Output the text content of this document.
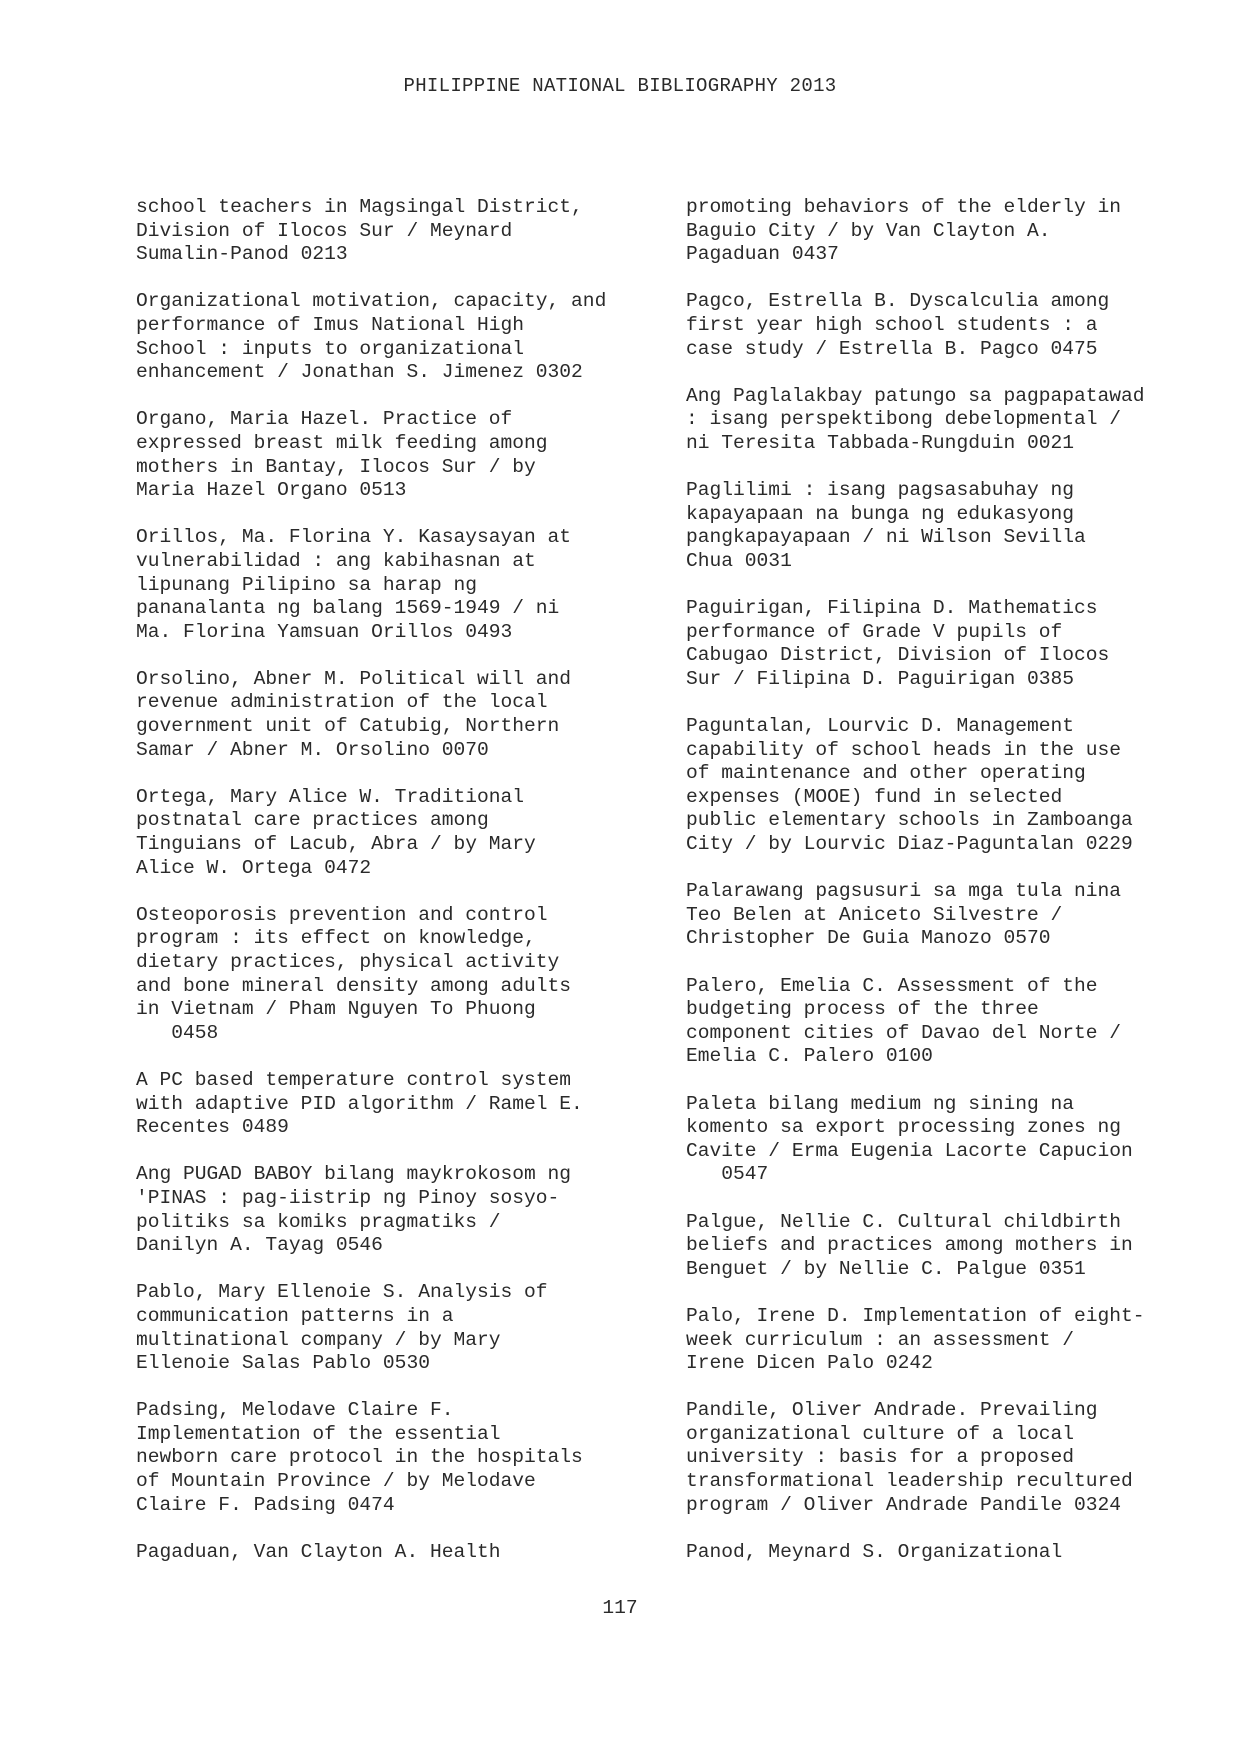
PHILIPPINE NATIONAL BIBLIOGRAPHY 2013

school teachers in Magsingal District,
Division of Ilocos Sur / Meynard
Sumalin-Panod 0213

Organizational motivation, capacity, and
performance of Imus National High
School : inputs to organizational
enhancement / Jonathan S. Jimenez 0302

Organo, Maria Hazel. Practice of
expressed breast milk feeding among
mothers in Bantay, Ilocos Sur / by
Maria Hazel Organo 0513

Orillos, Ma. Florina Y. Kasaysayan at
vulnerabilidad : ang kabihasnan at
lipunang Pilipino sa harap ng
pananalanta ng balang 1569-1949 / ni
Ma. Florina Yamsuan Orillos 0493

Orsolino, Abner M. Political will and
revenue administration of the local
government unit of Catubig, Northern
Samar / Abner M. Orsolino 0070

Ortega, Mary Alice W. Traditional
postnatal care practices among
Tinguians of Lacub, Abra / by Mary
Alice W. Ortega 0472

Osteoporosis prevention and control
program : its effect on knowledge,
dietary practices, physical activity
and bone mineral density among adults
in Vietnam / Pham Nguyen To Phuong
0458

A PC based temperature control system
with adaptive PID algorithm / Ramel E.
Recentes 0489

Ang PUGAD BABOY bilang maykrokosom ng
'PINAS : pag-iistrip ng Pinoy sosyo-
politiks sa komiks pragmatiks /
Danilyn A. Tayag 0546

Pablo, Mary Ellenoie S. Analysis of
communication patterns in a
multinational company / by Mary
Ellenoie Salas Pablo 0530

Padsing, Melodave Claire F.
Implementation of the essential
newborn care protocol in the hospitals
of Mountain Province / by Melodave
Claire F. Padsing 0474

Pagaduan, Van Clayton A. Health

promoting behaviors of the elderly in
Baguio City / by Van Clayton A.
Pagaduan 0437

Pagco, Estrella B. Dyscalculia among
first year high school students : a
case study / Estrella B. Pagco 0475

Ang Paglalakbay patungo sa pagpapatawad
: isang perspektibong debelopmental /
ni Teresita Tabbada-Rungduin 0021

Paglilimi : isang pagsasabuhay ng
kapayapaan na bunga ng edukasyong
pangkapayapaan / ni Wilson Sevilla
Chua 0031

Paguirigan, Filipina D. Mathematics
performance of Grade V pupils of
Cabugao District, Division of Ilocos
Sur / Filipina D. Paguirigan 0385

Paguntalan, Lourvic D. Management
capability of school heads in the use
of maintenance and other operating
expenses (MOOE) fund in selected
public elementary schools in Zamboanga
City / by Lourvic Diaz-Paguntalan 0229

Palarawang pagsusuri sa mga tula nina
Teo Belen at Aniceto Silvestre /
Christopher De Guia Manozo 0570

Palero, Emelia C. Assessment of the
budgeting process of the three
component cities of Davao del Norte /
Emelia C. Palero 0100

Paleta bilang medium ng sining na
komento sa export processing zones ng
Cavite / Erma Eugenia Lacorte Capucion
0547

Palgue, Nellie C. Cultural childbirth
beliefs and practices among mothers in
Benguet / by Nellie C. Palgue 0351

Palo, Irene D. Implementation of eight-
week curriculum : an assessment /
Irene Dicen Palo 0242

Pandile, Oliver Andrade. Prevailing
organizational culture of a local
university : basis for a proposed
transformational leadership recultured
program / Oliver Andrade Pandile 0324

Panod, Meynard S. Organizational

117
